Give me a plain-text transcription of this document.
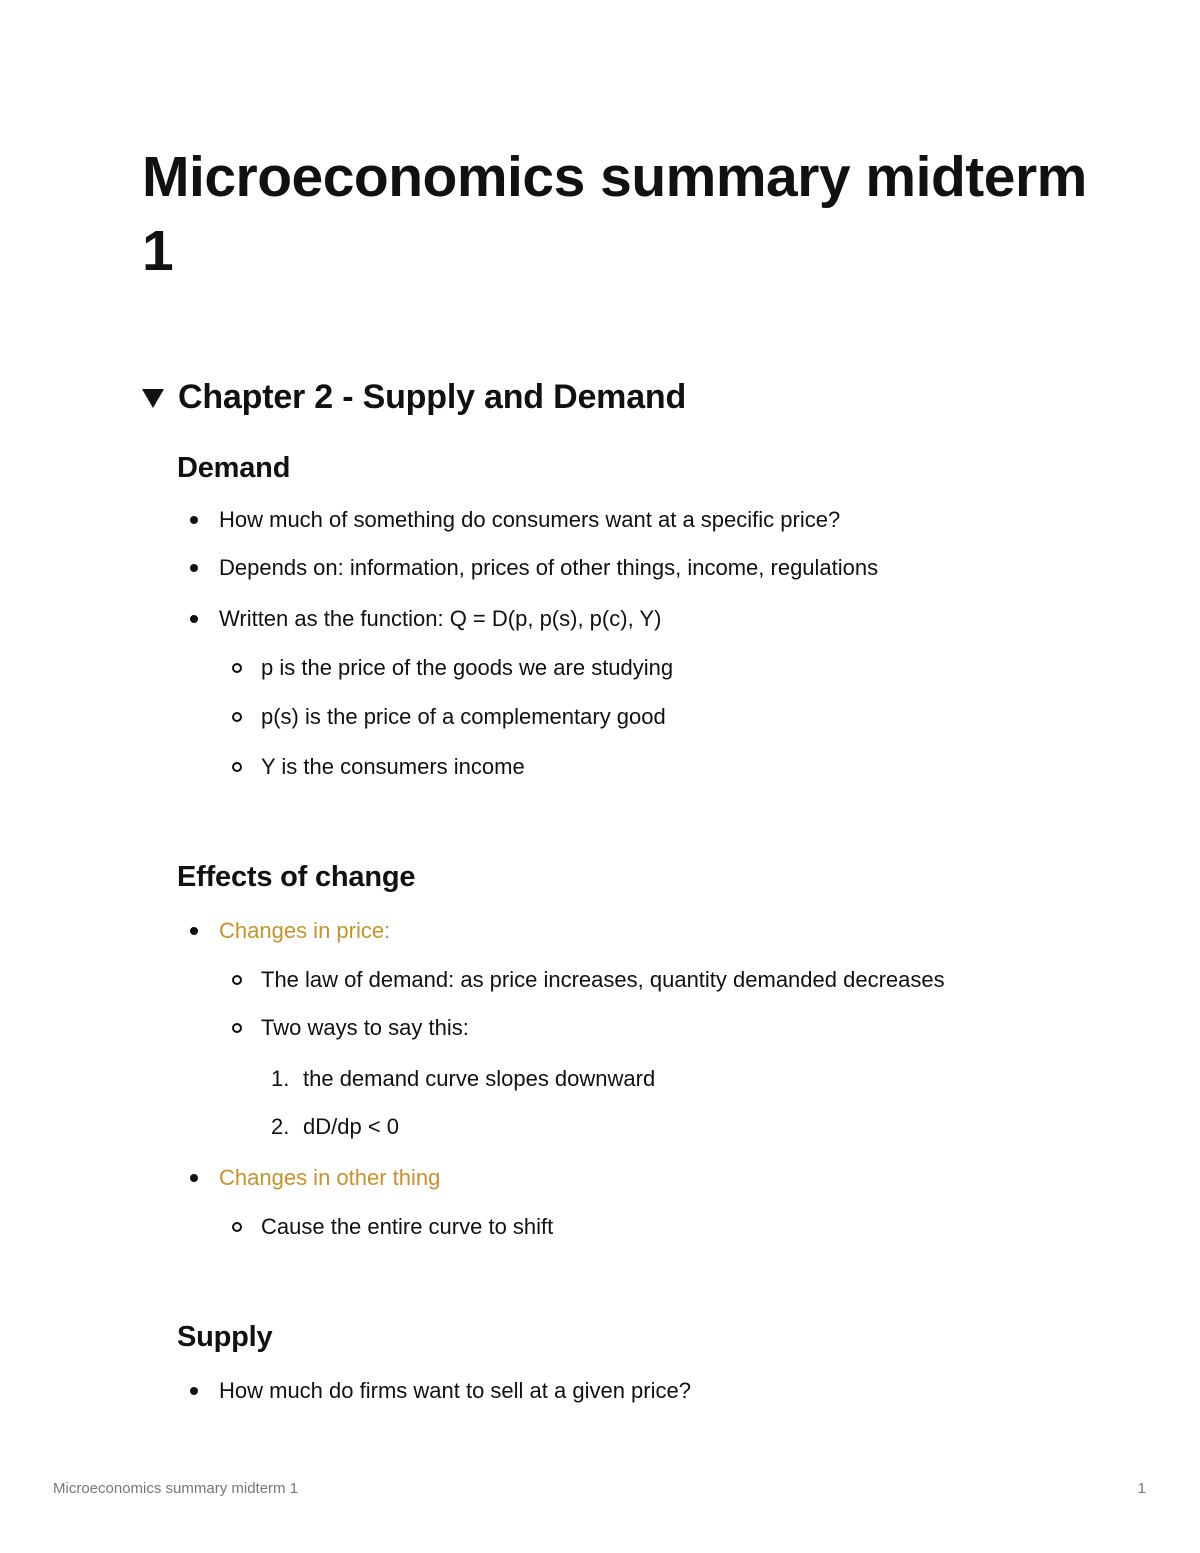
Microeconomics summary midterm 1
Chapter 2 - Supply and Demand
Demand
How much of something do consumers want at a specific price?
Depends on: information, prices of other things, income, regulations
Written as the function: Q = D(p, p(s), p(c), Y)
p is the price of the goods we are studying
p(s) is the price of a complementary good
Y is the consumers income
Effects of change
Changes in price:
The law of demand: as price increases, quantity demanded decreases
Two ways to say this:
1. the demand curve slopes downward
2. dD/dp < 0
Changes in other thing
Cause the entire curve to shift
Supply
How much do firms want to sell at a given price?
Microeconomics summary midterm 1	1
